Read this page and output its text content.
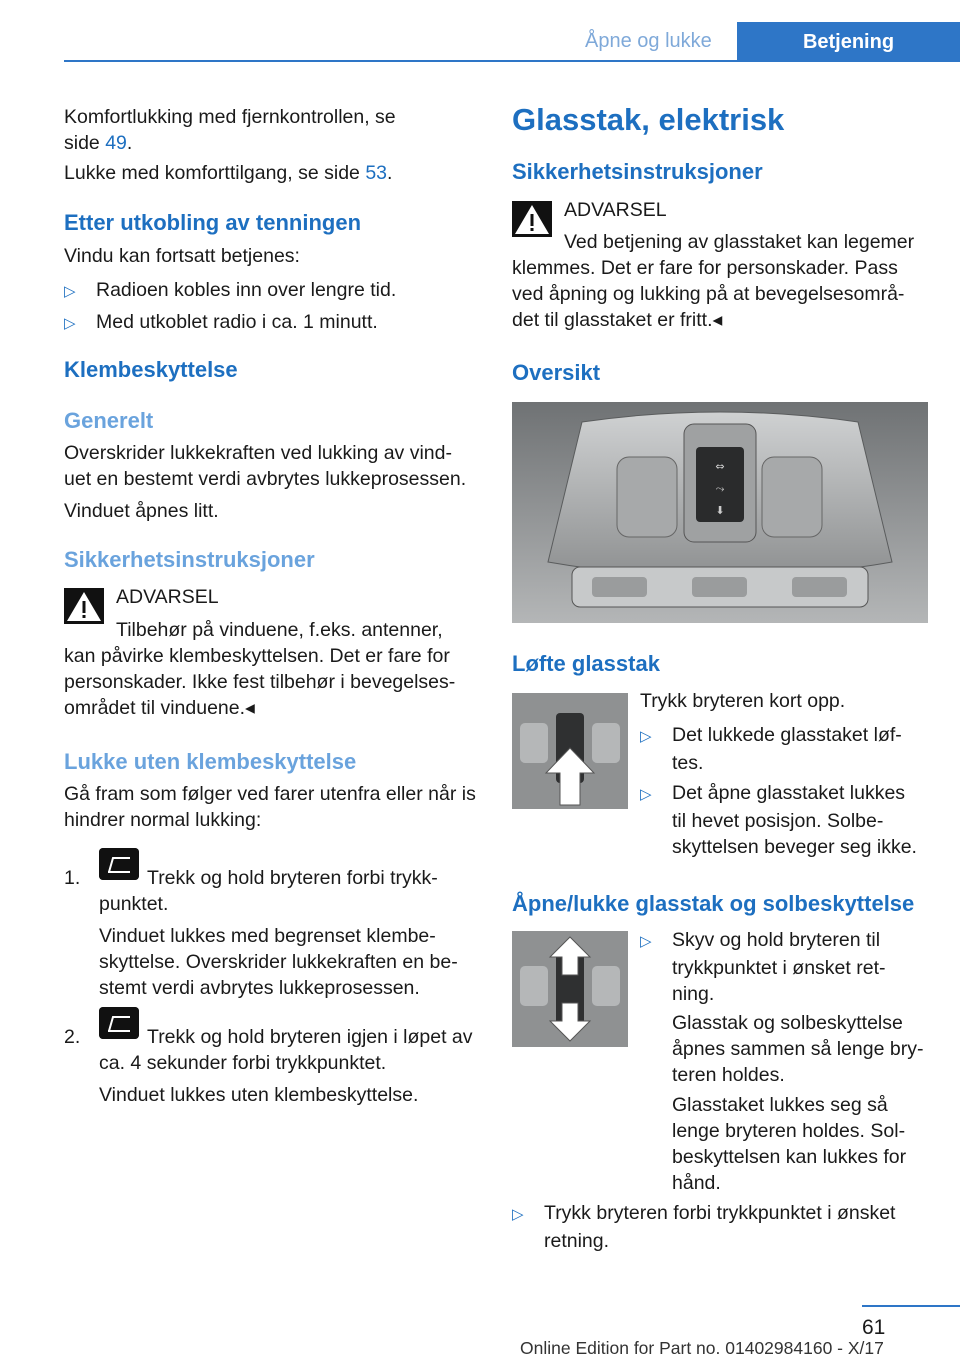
Åpne og lukke	Betjening

Komfortlukking med fjernkontrollen, se
side 49.

Lukke med komforttilgang, se side 53.

Etter utkobling av tenningen

Vindu kan fortsatt betjenes:

▷ Radioen kobles inn over lengre tid.

▷ Med utkoblet radio i ca. 1 minutt.

Klembeskyttelse
Generelt

Overskrider lukkekraften ved lukking av vind-
uet en bestemt verdi avbrytes lukkeprosessen.

Vinduet åpnes litt.

Sikkerhetsinstruksjoner
ADVARSEL

Tilbehør på vinduene, f.eks. antenner,
kan påvirke klembeskyttelsen. Det er fare for
personskader. Ikke fest tilbehør i bevegelses-
området til vinduene.◂

Lukke uten klembeskyttelse

Gå fram som følger ved farer utenfra eller når is
hindrer normal lukking:

1.	Trekk og hold bryteren forbi trykk-
punktet.

Vinduet lukkes med begrenset klembe-
skyttelse. Overskrider lukkekraften en be-
stemt verdi avbrytes lukkeprosessen.

2.	Trekk og hold bryteren igjen i løpet av
ca. 4 sekunder forbi trykkpunktet.

Vinduet lukkes uten klembeskyttelse.

Glasstak, elektrisk
Sikkerhetsinstruksjoner
ADVARSEL

Ved betjening av glasstaket kan legemer
klemmes. Det er fare for personskader. Pass
ved åpning og lukking på at bevegelsesområ-
det til glasstaket er fritt.◂

Oversikt
⇔
⤳
⬇
Løfte glasstak

Trykk bryteren kort opp.

▷ Det lukkede glasstaket løf-
tes.

▷ Det åpne glasstaket lukkes
til hevet posisjon. Solbe-
skyttelsen beveger seg ikke.

Åpne/lukke glasstak og solbeskyttelse

▷ Skyv og hold bryteren til
trykkpunktet i ønsket ret-
ning.

Glasstak og solbeskyttelse
åpnes sammen så lenge bry-
teren holdes.

Glasstaket lukkes seg så
lenge bryteren holdes. Sol-
beskyttelsen kan lukkes for
hånd.

▷ Trykk bryteren forbi trykkpunktet i ønsket
retning.

61
Online Edition for Part no. 01402984160 - X/17
